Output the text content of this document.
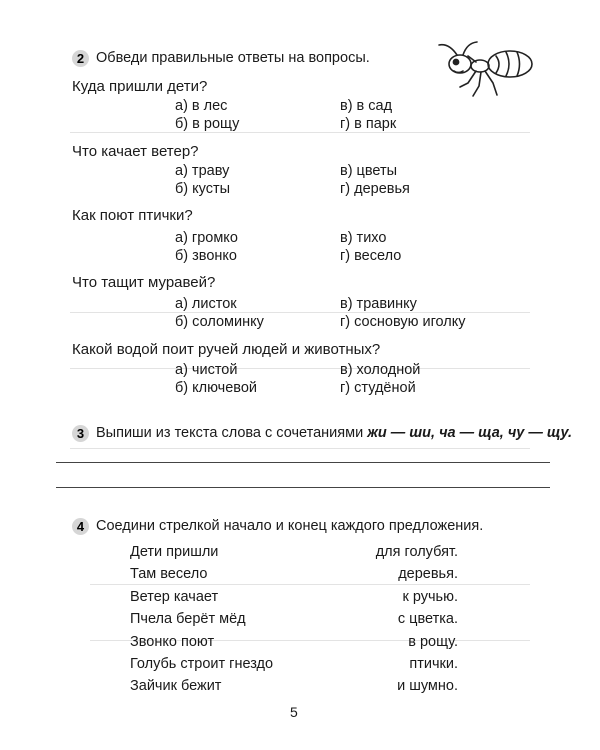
2 Обведи правильные ответы на вопросы.
Куда пришли дети?
а) в лес
б) в рощу
в) в сад
г) в парк
Что качает ветер?
а) траву
б) кусты
в) цветы
г) деревья
Как поют птички?
а) громко
б) звонко
в) тихо
г) весело
Что тащит муравей?
а) листок
б) соломинку
в) травинку
г) сосновую иголку
Какой водой поит ручей людей и животных?
а) чистой
б) ключевой
в) холодной
г) студёной
3 Выпиши из текста слова с сочетаниями жи — ши, ча — ща, чу — щу.
4 Соедини стрелкой начало и конец каждого предложения.
Дети пришли
Там весело
Ветер качает
Пчела берёт мёд
Звонко поют
Голубь строит гнездо
Зайчик бежит
для голубят.
деревья.
к ручью.
с цветка.
в рощу.
птички.
и шумно.
5
